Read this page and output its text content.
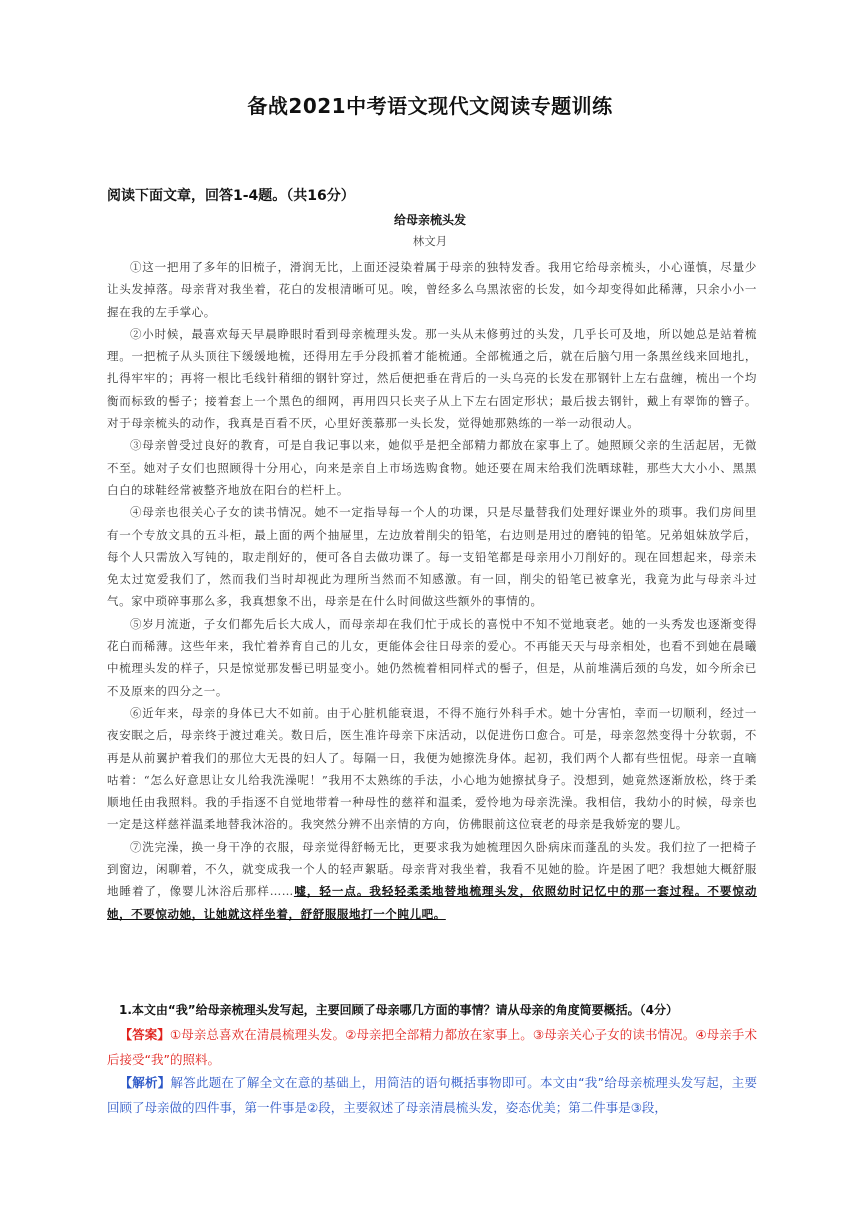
备战2021中考语文现代文阅读专题训练
阅读下面文章，回答1-4题。（共16分）
给母亲梳头发
林文月

①这一把用了多年的旧梳子，滑润无比，上面还浸染着属于母亲的独特发香。我用它给母亲梳头，小心谨慎，尽量少让头发掉落。母亲背对我坐着，花白的发根清晰可见。唉，曾经多么乌黑浓密的长发，如今却变得如此稀薄，只余小小一握在我的左手掌心。

②小时候，最喜欢每天早晨睁眼时看到母亲梳理头发。那一头从未修剪过的头发，几乎长可及地，所以她总是站着梳理。一把梳子从头顶往下缓缓地梳，还得用左手分段抓着才能梳通。全部梳通之后，就在后脑勺用一条黑丝线来回地扎，扎得牢牢的；再将一根比毛线针稍细的钢针穿过，然后便把垂在背后的一头乌亮的长发在那钢针上左右盘缠，梳出一个均衡而标致的髻子；接着套上一个黑色的细网，再用四只长夹子从上下左右固定形状；最后拔去钢针，戴上有翠饰的簪子。对于母亲梳头的动作，我真是百看不厌，心里好羡慕那一头长发，觉得她那熟练的一举一动很动人。

③母亲曾受过良好的教育，可是自我记事以来，她似乎是把全部精力都放在家事上了。她照顾父亲的生活起居，无微不至。她对子女们也照顾得十分用心，向来是亲自上市场选购食物。她还要在周末给我们洗晒球鞋，那些大大小小、黑黑白白的球鞋经常被整齐地放在阳台的栏杆上。

④母亲也很关心子女的读书情况。她不一定指导每一个人的功课，只是尽量替我们处理好课业外的琐事。我们房间里有一个专放文具的五斗柜，最上面的两个抽屉里，左边放着削尖的铅笔，右边则是用过的磨钝的铅笔。兄弟姐妹放学后，每个人只需放入写钝的，取走削好的，便可各自去做功课了。每一支铅笔都是母亲用小刀削好的。现在回想起来，母亲未免太过宽爱我们了，然而我们当时却视此为理所当然而不知感激。有一回，削尖的铅笔已被拿光，我竟为此与母亲斗过气。家中琐碎事那么多，我真想象不出，母亲是在什么时间做这些额外的事情的。

⑤岁月流逝，子女们都先后长大成人，而母亲却在我们忙于成长的喜悦中不知不觉地衰老。她的一头秀发也逐渐变得花白而稀薄。这些年来，我忙着养育自己的儿女，更能体会往日母亲的爱心。不再能天天与母亲相处，也看不到她在晨曦中梳理头发的样子，只是惊觉那发髻已明显变小。她仍然梳着相同样式的髻子，但是，从前堆满后颈的乌发，如今所余已不及原来的四分之一。

⑥近年来，母亲的身体已大不如前。由于心脏机能衰退，不得不施行外科手术。她十分害怕，幸而一切顺利，经过一夜安眠之后，母亲终于渡过难关。数日后，医生准许母亲下床活动，以促进伤口愈合。可是，母亲忽然变得十分软弱，不再是从前翼护着我们的那位大无畏的妇人了。每隔一日，我便为她擦洗身体。起初，我们两个人都有些忸怩。母亲一直嘀咕着：“怎么好意思让女儿给我洗澡呢！”我用不太熟练的手法，小心地为她擦拭身子。没想到，她竟然逐渐放松，终于柔顺地任由我照料。我的手指逐不自觉地带着一种母性的慈祥和温柔，爱怜地为母亲洗澡。我相信，我幼小的时候，母亲也一定是这样慈祥温柔地替我沐浴的。我突然分辨不出亲情的方向，仿佛眼前这位衰老的母亲是我娇宠的婴儿。

⑦洗完澡，换一身干净的衣服，母亲觉得舒畅无比，更要求我为她梳理因久卧病床而蓬乱的头发。我们拉了一把椅子到窗边，闲聊着，不久，就变成我一个人的轻声絮聒。母亲背对我坐着，我看不见她的脸。许是困了吧？我想她大概舒服地睡着了，像婴儿沐浴后那样……嘘，轻一点。我轻轻柔柔地替地梳理头发，依照幼时记忆中的那一套过程。不要惊动她，不要惊动她，让她就这样坐着，舒舒服服地打一个盹儿吧。

1.本文由“我”给母亲梳理头发写起，主要回顾了母亲哪几方面的事情？请从母亲的角度简要概括。（4分）

【答案】①母亲总喜欢在清晨梳理头发。②母亲把全部精力都放在家事上。③母亲关心子女的读书情况。④母亲手术后接受“我”的照料。

【解析】解答此题在了解全文在意的基础上，用简洁的语句概括事物即可。本文由“我”给母亲梳理头发写起，主要回顾了母亲做的四件事，第一件事是②段，主要叙述了母亲清晨梳头发，姿态优美；第二件事是③段，
